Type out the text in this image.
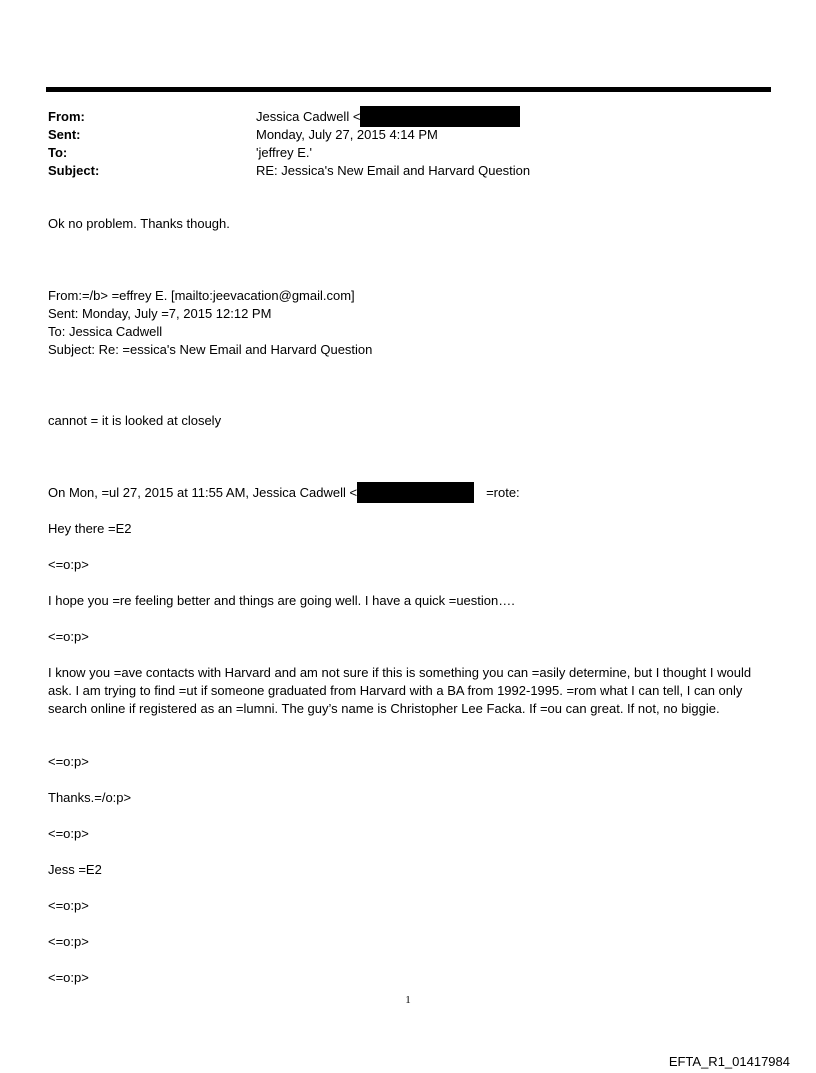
From:	Jessica Cadwell <
Sent:	Monday, July 27, 2015 4:14 PM
To:	'jeffrey E.'
Subject:	RE: Jessica's New Email and Harvard Question
Ok no problem. Thanks though.
From:=/b> =effrey E. [mailto:jeevacation@gmail.com]
Sent: Monday, July =7, 2015 12:12 PM
To: Jessica Cadwell
Subject: Re: =essica's New Email and Harvard Question
cannot = it is looked at closely
On Mon, =ul 27, 2015 at 11:55 AM, Jessica Cadwell <	=rote:
Hey there =E2
<=o:p>
I hope you =re feeling better and things are going well. I have a quick =uestion….
<=o:p>
I know you =ave contacts with Harvard and am not sure if this is something you can =asily determine, but I thought I would ask. I am trying to find =ut if someone graduated from Harvard with a BA from 1992-1995. =rom what I can tell, I can only search online if registered as an =lumni. The guy’s name is Christopher Lee Facka. If =ou can great. If not, no biggie.
<=o:p>
Thanks.=/o:p>
<=o:p>
Jess =E2
<=o:p>
<=o:p>
<=o:p>
1
EFTA_R1_01417984
